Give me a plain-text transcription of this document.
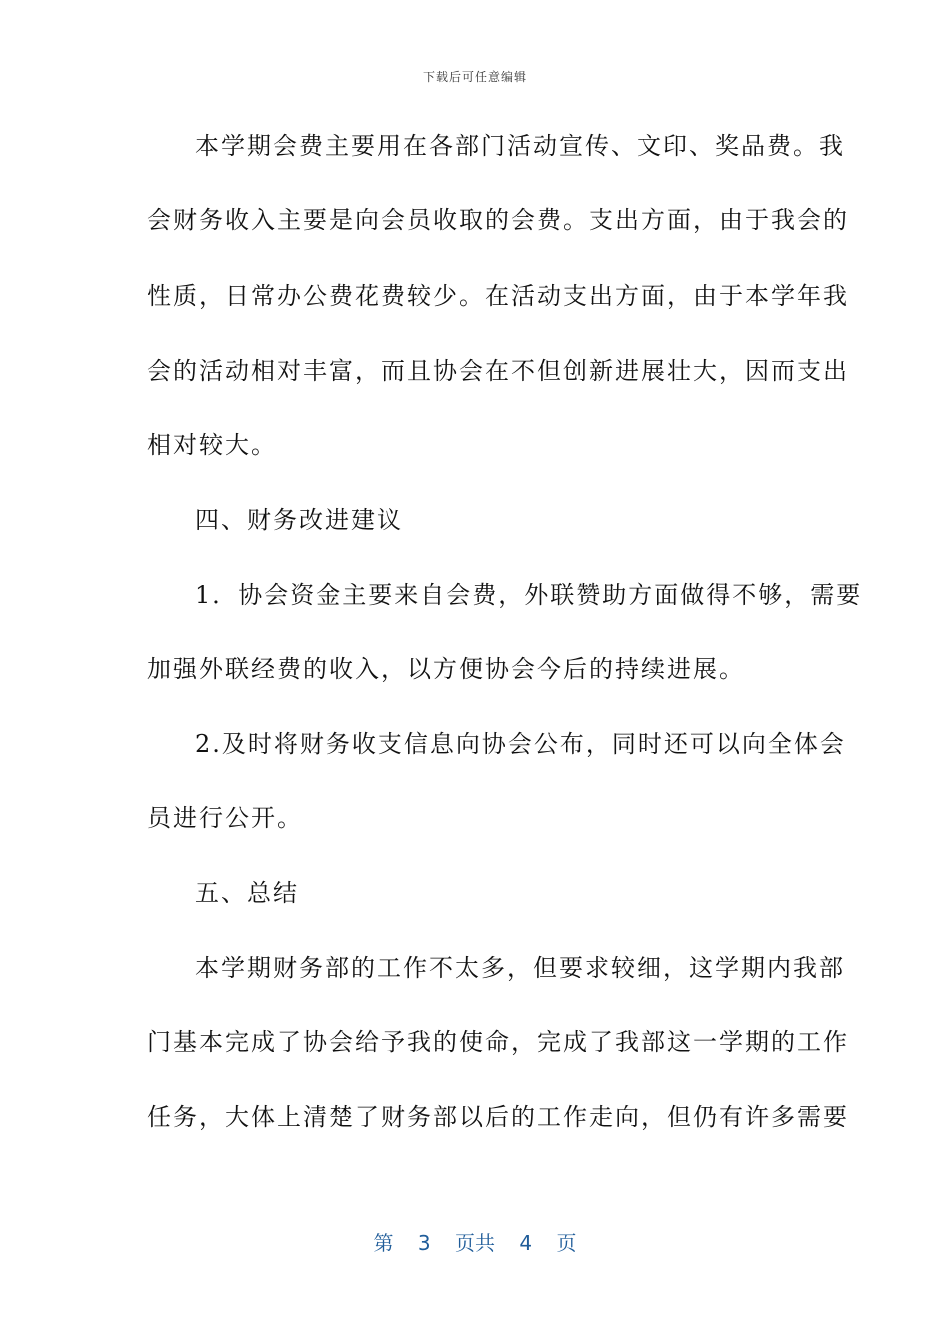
下载后可任意编辑
本学期会费主要用在各部门活动宣传、文印、奖品费。我
会财务收入主要是向会员收取的会费。支出方面，由于我会的
性质，日常办公费花费较少。在活动支出方面，由于本学年我
会的活动相对丰富，而且协会在不但创新进展壮大，因而支出
相对较大。
四、财务改进建议
1．协会资金主要来自会费，外联赞助方面做得不够，需要
加强外联经费的收入，以方便协会今后的持续进展。
2.及时将财务收支信息向协会公布，同时还可以向全体会
员进行公开。
五、总结
本学期财务部的工作不太多，但要求较细，这学期内我部
门基本完成了协会给予我的使命，完成了我部这一学期的工作
任务，大体上清楚了财务部以后的工作走向，但仍有许多需要
第 3 页共 4 页
